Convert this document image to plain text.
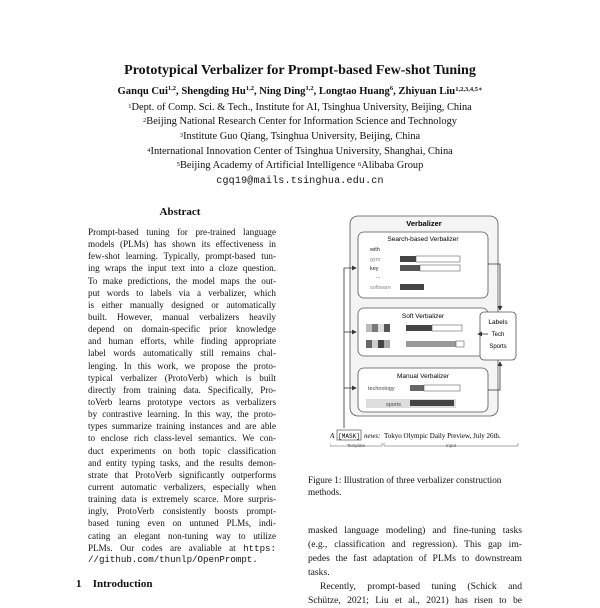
Prototypical Verbalizer for Prompt-based Few-shot Tuning
Ganqu Cui$^{1,2}$, Shengding Hu$^{1,2}$, Ning Ding$^{1,2}$, Longtao Huang$^6$, Zhiyuan Liu$^{1,2,3,4,5∗}$
$^1$Dept. of Comp. Sci. & Tech., Institute for AI, Tsinghua University, Beijing, China
$^2$Beijing National Research Center for Information Science and Technology
$^3$Institute Guo Qiang, Tsinghua University, Beijing, China
$^4$International Innovation Center of Tsinghua University, Shanghai, China
$^5$Beijing Academy of Artificial Intelligence $^6$Alibaba Group
cgq19@mails.tsinghua.edu.cn
Abstract
Prompt-based tuning for pre-trained language
models (PLMs) has shown its effectiveness in
few-shot learning. Typically, prompt-based tun-
ing wraps the input text into a cloze question.
To make predictions, the model maps the out-
put words to labels via a verbalizer, which
is either manually designed or automatically
built. However, manual verbalizers heavily
depend on domain-specific prior knowledge
and human efforts, while finding appropriate
label words automatically still remains chal-
lenging. In this work, we propose the proto-
typical verbalizer (ProtoVerb) which is built
directly from training data. Specifically, Pro-
toVerb learns prototype vectors as verbalizers
by contrastive learning. In this way, the proto-
types summarize training instances and are able
to enclose rich class-level semantics. We con-
duct experiments on both topic classification
and entity typing tasks, and the results demon-
strate that ProtoVerb significantly outperforms
current automatic verbalizers, especially when
training data is extremely scarce. More surpris-
ingly, ProtoVerb consistently boosts prompt-
based tuning even on untuned PLMs, indi-
cating an elegant non-tuning way to utilize
PLMs. Our codes are avaliable at https:
//github.com/thunlp/OpenPrompt.
1 Introduction
Verbalizer
Search-based Verbalizer
with
gym
key
...
software
Soft Verbalizer
Manual Verbalizer
technology
sports
Labels
Tech
Sports
A [MASK] news: Tokyo Olympic Daily Preview, July 26th.
Template	Input
Figure 1: Illustration of three verbalizer construction
methods.
masked language modeling) and fine-tuning tasks
(e.g., classification and regression). This gap im-
pedes the fast adaptation of PLMs to downstream
tasks.
Recently, prompt-based tuning (Schick and
Schütze, 2021; Liu et al., 2021) has risen to be
